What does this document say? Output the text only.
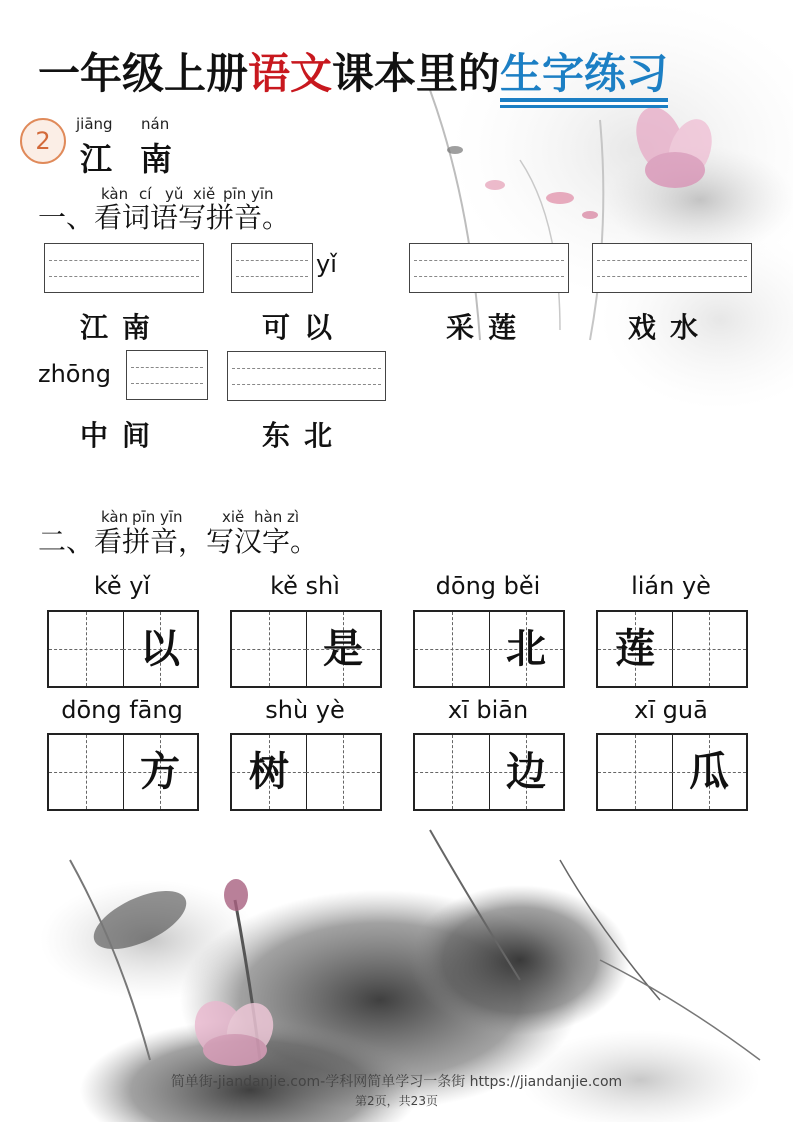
一年级上册语文课本里的生字练习
2
jiāng nán
江 南
kàn cí yǔ xiě pīn yīn
一、看词语写拼音。
yǐ
江南	可以	采莲	戏水
zhōng
中间	东北
kàn pīn yīn	xiě hàn zì
二、看拼音，写汉字。
kě yǐ	kě shì	dōng běi	lián yè
以	是	北	莲
dōng fāng	shù yè	xī biān	xī guā
方	树	边	瓜
简单街-jiandanjie.com-学科网简单学习一条街 https://jiandanjie.com
第2页，共23页
